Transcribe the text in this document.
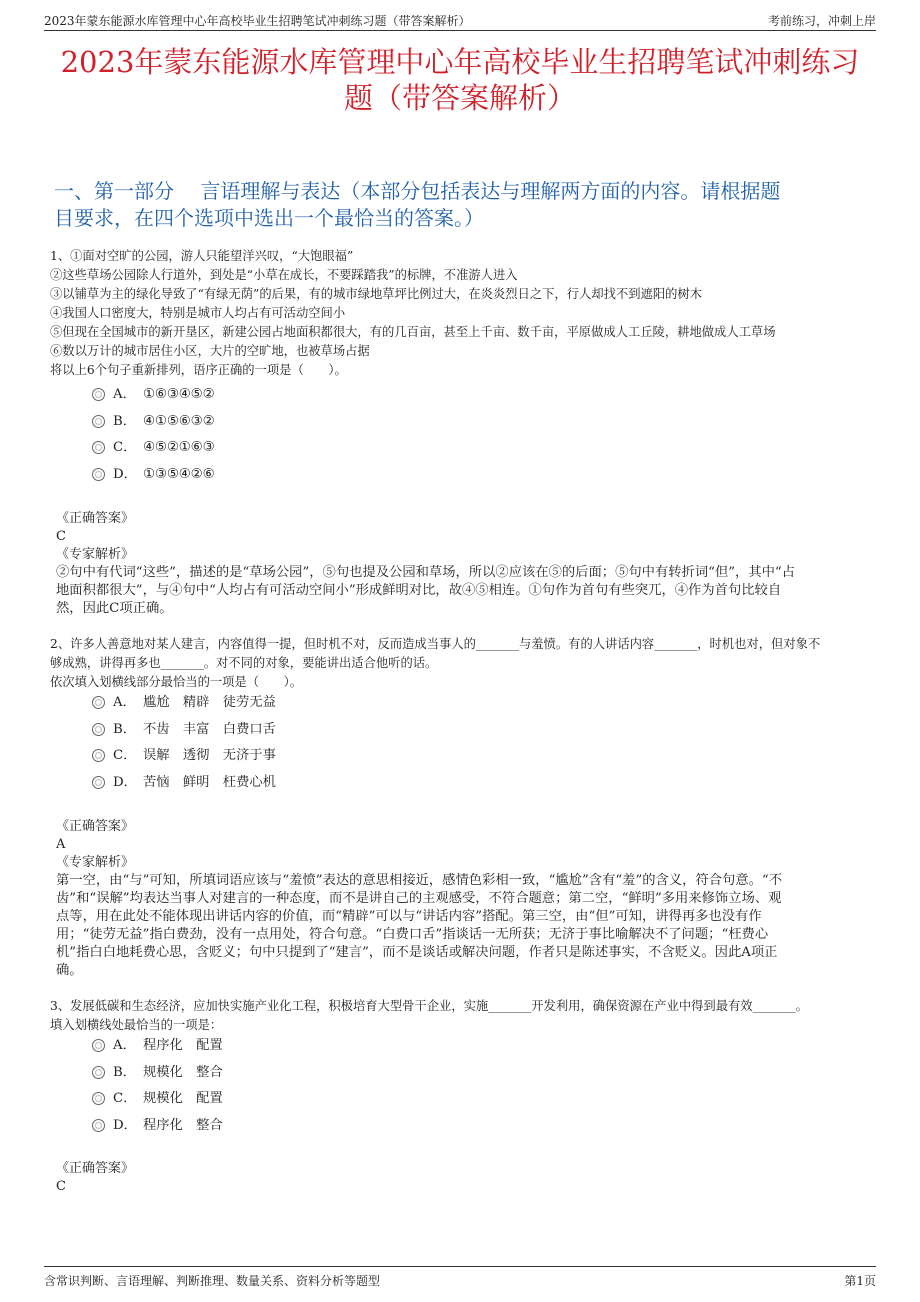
2023年蒙东能源水库管理中心年高校毕业生招聘笔试冲刺练习题（带答案解析）	考前练习，冲刺上岸
2023年蒙东能源水库管理中心年高校毕业生招聘笔试冲刺练习
题（带答案解析）
一、第一部分　 言语理解与表达（本部分包括表达与理解两方面的内容。请根据题
目要求，在四个选项中选出一个最恰当的答案。）
1、①面对空旷的公园，游人只能望洋兴叹，“大饱眼福”
②这些草场公园除人行道外，到处是“小草在成长，不要踩踏我”的标牌，不准游人进入
③以铺草为主的绿化导致了“有绿无荫”的后果，有的城市绿地草坪比例过大，在炎炎烈日之下，行人却找不到遮阳的树木
④我国人口密度大，特别是城市人均占有可活动空间小
⑤但现在全国城市的新开垦区，新建公园占地面积都很大，有的几百亩，甚至上千亩、数千亩，平原做成人工丘陵，耕地做成人工草场
⑥数以万计的城市居住小区，大片的空旷地，也被草场占据
将以上6个句子重新排列，语序正确的一项是（　　）。
A． ①⑥③④⑤②
B． ④①⑤⑥③②
C． ④⑤②①⑥③
D． ①③⑤④②⑥
《正确答案》
C
《专家解析》
②句中有代词“这些”，描述的是“草场公园”，⑤句也提及公园和草场，所以②应该在⑤的后面；⑤句中有转折词“但”，其中“占
地面积都很大”，与④句中“人均占有可活动空间小”形成鲜明对比，故④⑤相连。①句作为首句有些突兀，④作为首句比较自
然，因此C项正确。
2、许多人善意地对某人建言，内容值得一提，但时机不对，反而造成当事人的_______与羞愤。有的人讲话内容_______，时机也对，但对象不
够成熟，讲得再多也_______。对不同的对象，要能讲出适合他听的话。
依次填入划横线部分最恰当的一项是（　　）。
A． 尴尬　精辟　徒劳无益
B． 不齿　丰富　白费口舌
C． 误解　透彻　无济于事
D． 苦恼　鲜明　枉费心机
《正确答案》
A
《专家解析》
第一空，由“与”可知，所填词语应该与“羞愤”表达的意思相接近，感情色彩相一致，“尴尬”含有“羞”的含义，符合句意。“不
齿”和“误解”均表达当事人对建言的一种态度，而不是讲自己的主观感受，不符合题意；第二空，“鲜明”多用来修饰立场、观
点等，用在此处不能体现出讲话内容的价值，而“精辟”可以与“讲话内容”搭配。第三空，由“但”可知，讲得再多也没有作
用；“徒劳无益”指白费劲，没有一点用处，符合句意。“白费口舌”指谈话一无所获；无济于事比喻解决不了问题；“枉费心
机”指白白地耗费心思，含贬义；句中只提到了“建言”，而不是谈话或解决问题，作者只是陈述事实，不含贬义。因此A项正
确。
3、发展低碳和生态经济，应加快实施产业化工程，积极培育大型骨干企业，实施_______开发利用，确保资源在产业中得到最有效_______。
填入划横线处最恰当的一项是：
A． 程序化　配置
B． 规模化　整合
C． 规模化　配置
D． 程序化　整合
《正确答案》
C
含常识判断、言语理解、判断推理、数量关系、资料分析等题型	第1页
